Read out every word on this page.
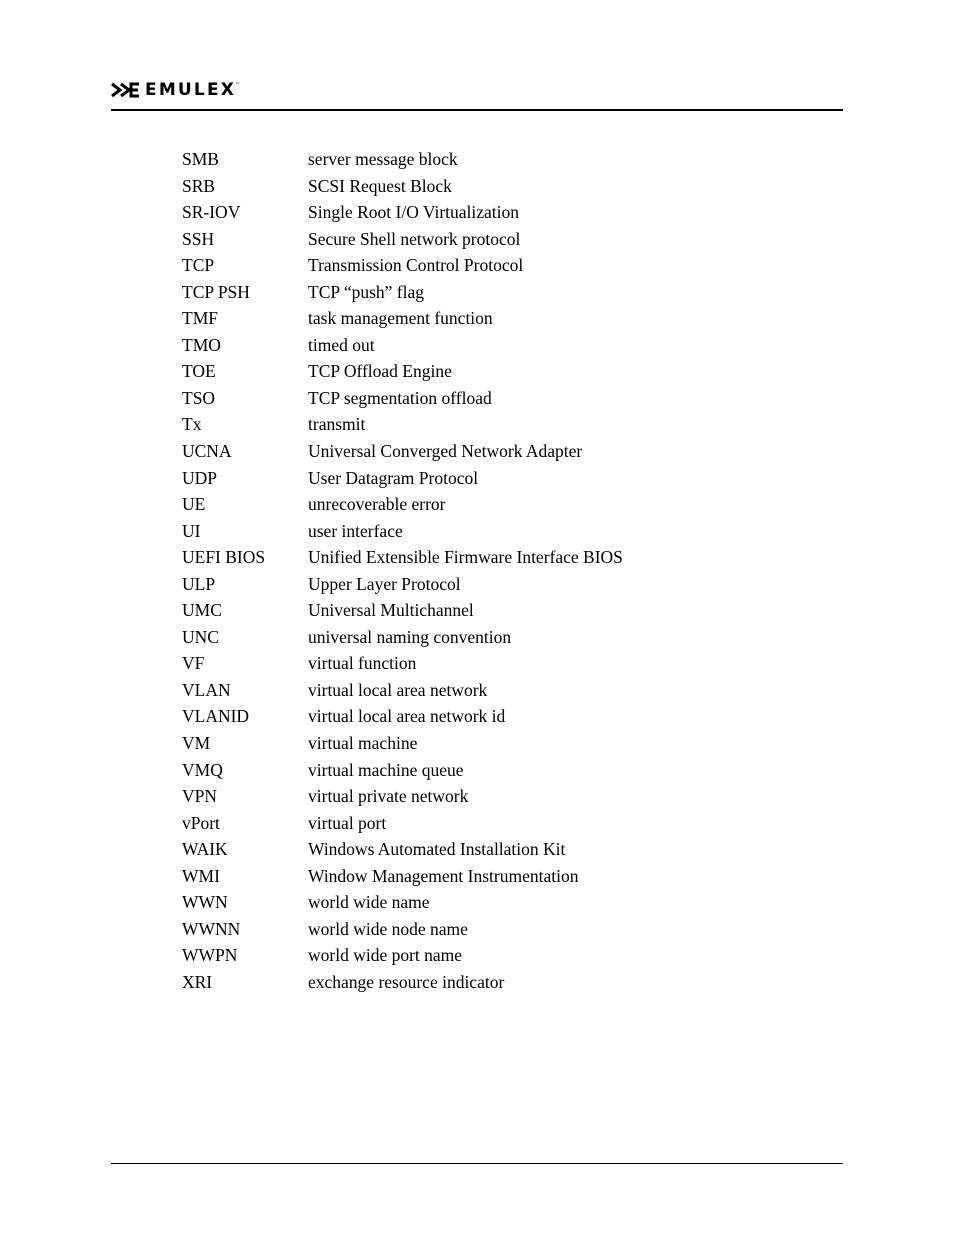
EMULEX ™
SMB	server message block
SRB	SCSI Request Block
SR-IOV	Single Root I/O Virtualization
SSH	Secure Shell network protocol
TCP	Transmission Control Protocol
TCP PSH	TCP “push” flag
TMF	task management function
TMO	timed out
TOE	TCP Offload Engine
TSO	TCP segmentation offload
Tx	transmit
UCNA	Universal Converged Network Adapter
UDP	User Datagram Protocol
UE	unrecoverable error
UI	user interface
UEFI BIOS	Unified Extensible Firmware Interface BIOS
ULP	Upper Layer Protocol
UMC	Universal Multichannel
UNC	universal naming convention
VF	virtual function
VLAN	virtual local area network
VLANID	virtual local area network id
VM	virtual machine
VMQ	virtual machine queue
VPN	virtual private network
vPort	virtual port
WAIK	Windows Automated Installation Kit
WMI	Window Management Instrumentation
WWN	world wide name
WWNN	world wide node name
WWPN	world wide port name
XRI	exchange resource indicator
